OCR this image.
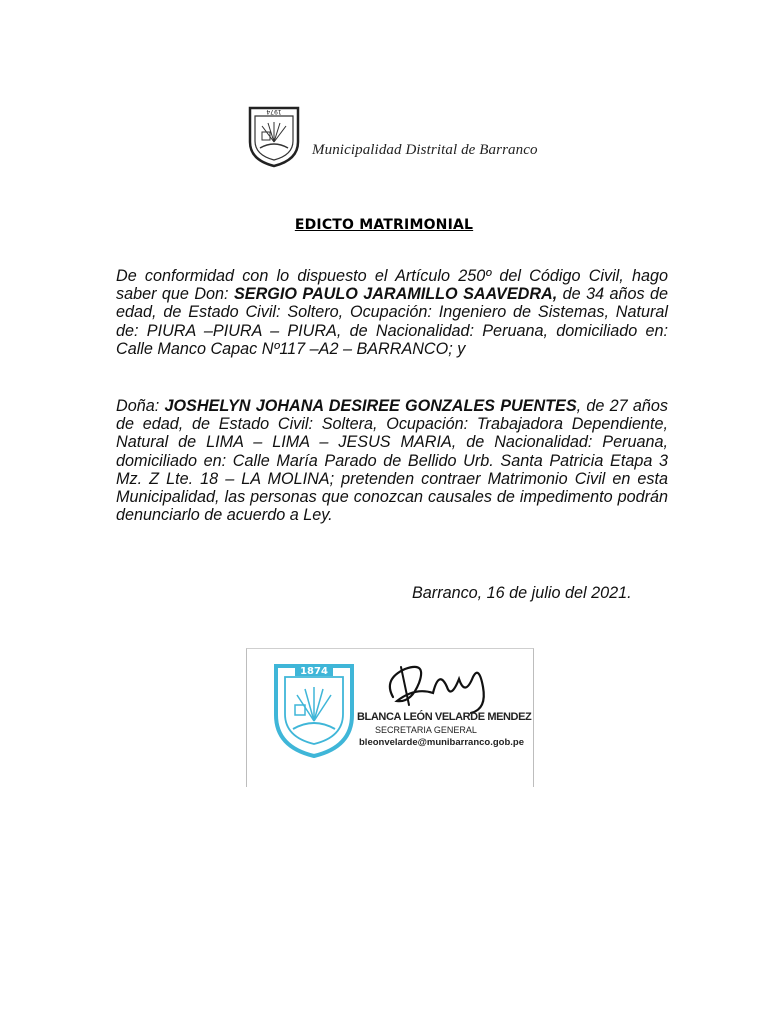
1974
Municipalidad Distrital de Barranco
EDICTO MATRIMONIAL

De conformidad con lo dispuesto el Artículo 250º del Código Civil, hago saber que Don: SERGIO PAULO JARAMILLO SAAVEDRA, de 34 años de edad, de Estado Civil: Soltero, Ocupación: Ingeniero de Sistemas, Natural de: PIURA –PIURA – PIURA, de Nacionalidad: Peruana, domiciliado en: Calle Manco Capac Nº117 –A2 – BARRANCO; y

Doña: JOSHELYN JOHANA DESIREE GONZALES PUENTES, de 27 años de edad, de Estado Civil: Soltera, Ocupación: Trabajadora Dependiente, Natural de LIMA – LIMA – JESUS MARIA, de Nacionalidad: Peruana, domiciliado en: Calle María Parado de Bellido Urb. Santa Patricia Etapa 3 Mz. Z Lte. 18 – LA MOLINA; pretenden contraer Matrimonio Civil en esta Municipalidad, las personas que conozcan causales de impedimento podrán denunciarlo de acuerdo a Ley.

Barranco, 16 de julio del 2021.
1874
BLANCA LEÓN VELARDE MENDEZ
SECRETARIA GENERAL
bleonvelarde@munibarranco.gob.pe
